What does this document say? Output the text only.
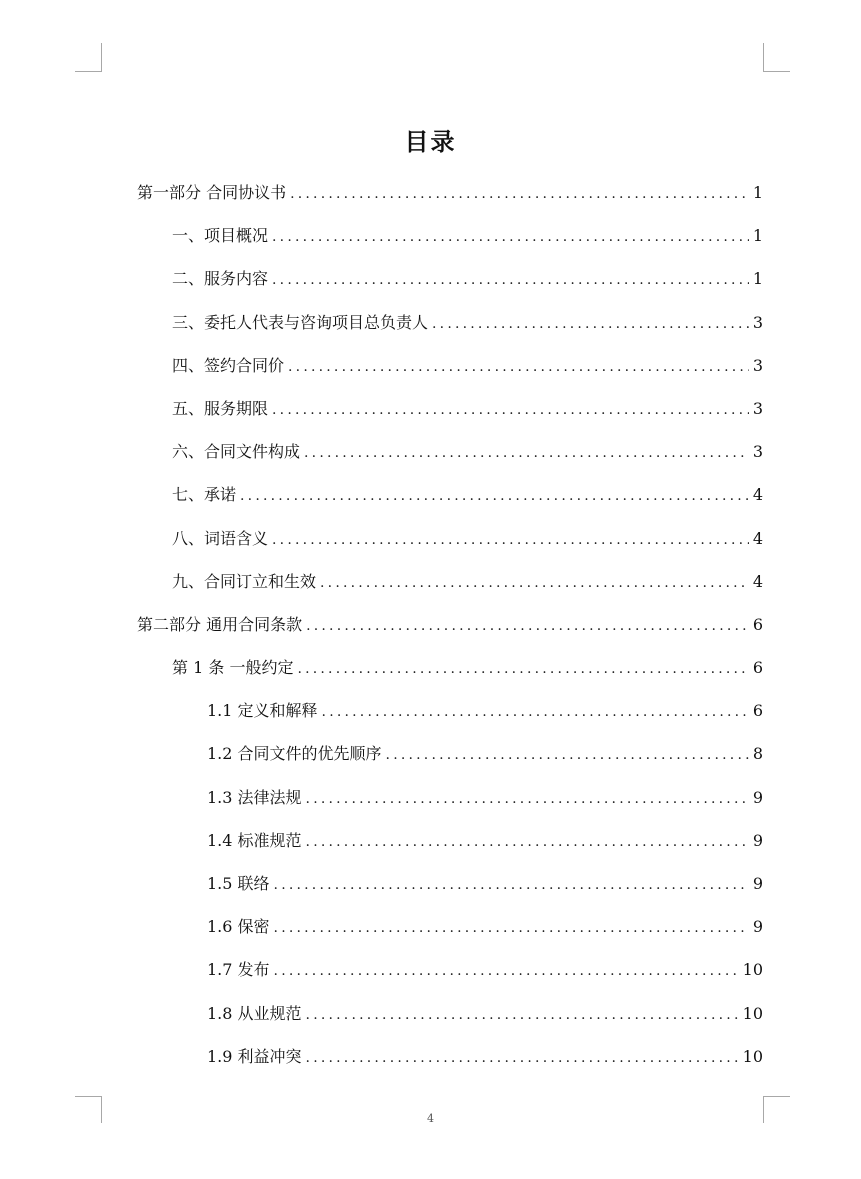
目录
第一部分 合同协议书 .....	1
一、项目概况 .....	1
二、服务内容 .....	1
三、委托人代表与咨询项目总负责人 .....	3
四、签约合同价 .....	3
五、服务期限 .....	3
六、合同文件构成 .....	3
七、承诺 .....	4
八、词语含义 .....	4
九、合同订立和生效 .....	4
第二部分 通用合同条款 .....	6
第 1 条 一般约定 .....	6
1.1 定义和解释 .....	6
1.2 合同文件的优先顺序 .....	8
1.3 法律法规 .....	9
1.4 标准规范 .....	9
1.5 联络 .....	9
1.6 保密 .....	9
1.7 发布 .....	10
1.8 从业规范 .....	10
1.9 利益冲突 .....	10
4
